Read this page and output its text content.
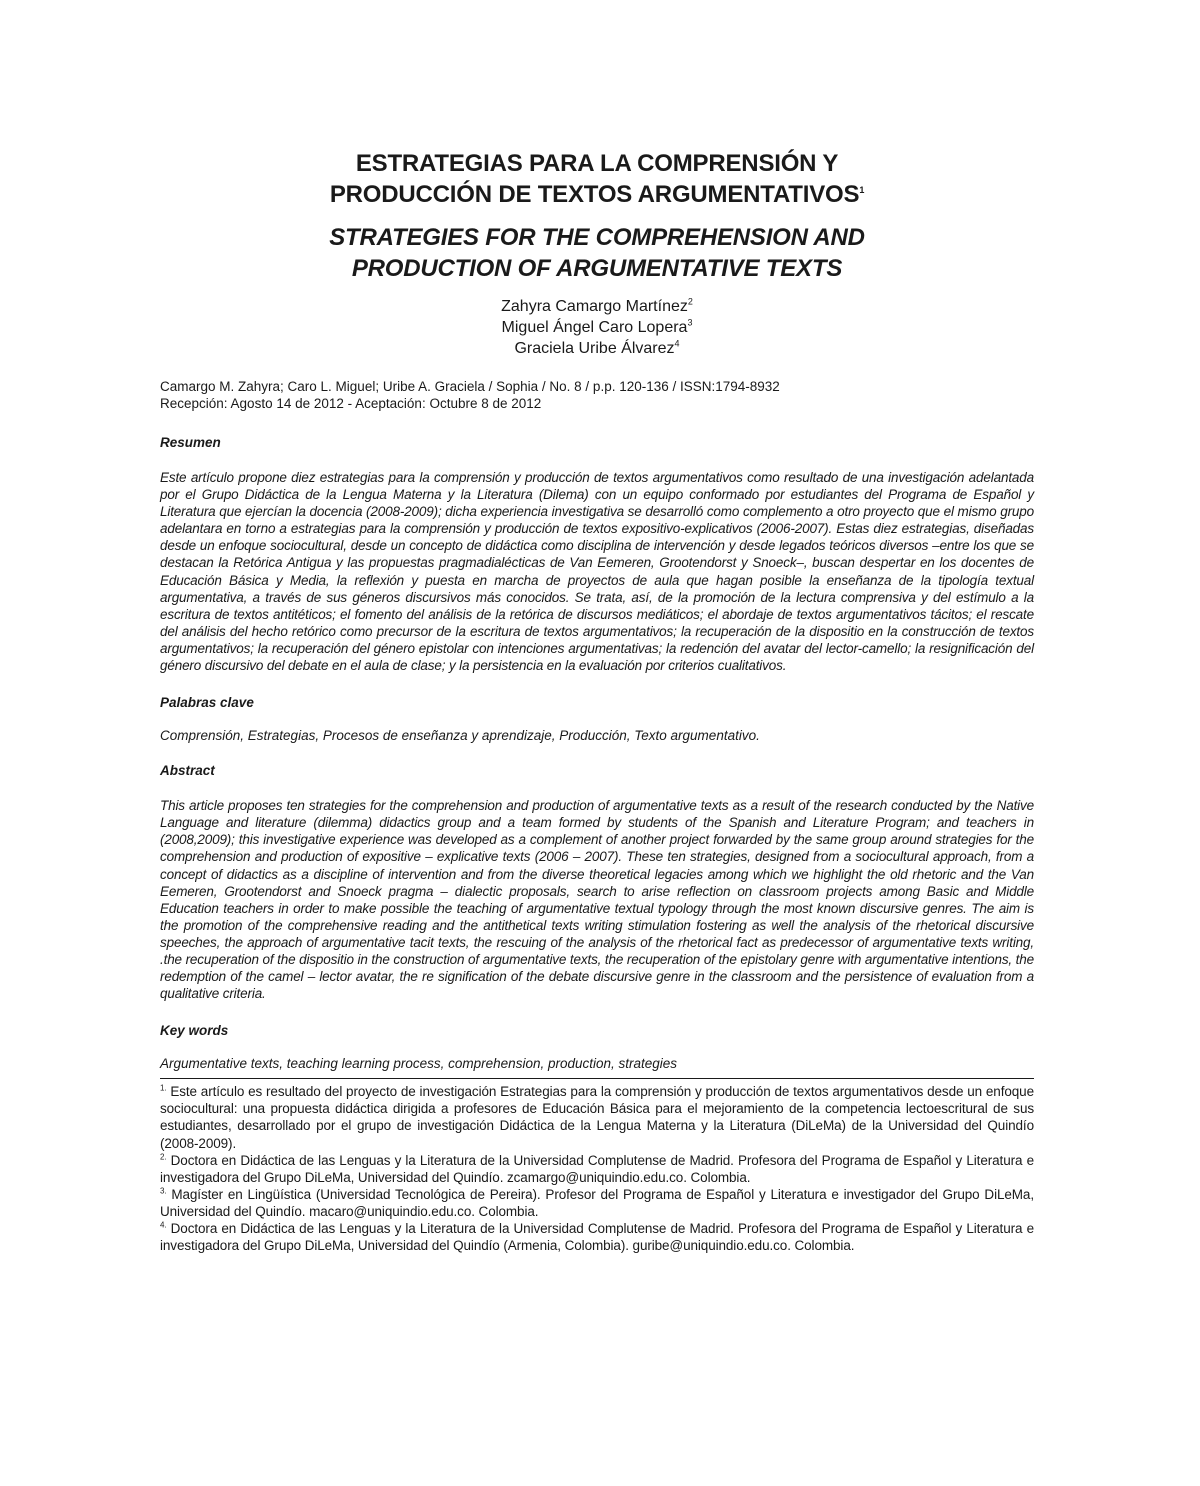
ESTRATEGIAS PARA LA COMPRENSIÓN Y
PRODUCCIÓN DE TEXTOS ARGUMENTATIVOS$^1$
STRATEGIES FOR THE COMPREHENSION AND
PRODUCTION OF ARGUMENTATIVE TEXTS
Zahyra Camargo Martínez$^2$
Miguel Ángel Caro Lopera$^3$
Graciela Uribe Álvarez$^4$
Camargo M. Zahyra; Caro L. Miguel; Uribe A. Graciela / Sophia / No. 8 / p.p. 120-136 / ISSN:1794-8932
Recepción: Agosto 14 de 2012 - Aceptación: Octubre 8 de 2012
Resumen

Este artículo propone diez estrategias para la comprensión y producción de textos argumentativos como resultado de una investigación adelantada por el Grupo Didáctica de la Lengua Materna y la Literatura (Dilema) con un equipo conformado por estudiantes del Programa de Español y Literatura que ejercían la docencia (2008-2009); dicha experiencia investigativa se desarrolló como complemento a otro proyecto que el mismo grupo adelantara en torno a estrategias para la comprensión y producción de textos expositivo-explicativos (2006-2007). Estas diez estrategias, diseñadas desde un enfoque sociocultural, desde un concepto de didáctica como disciplina de intervención y desde legados teóricos diversos –entre los que se destacan la Retórica Antigua y las propuestas pragmadialécticas de Van Eemeren, Grootendorst y Snoeck–, buscan despertar en los docentes de Educación Básica y Media, la reflexión y puesta en marcha de proyectos de aula que hagan posible la enseñanza de la tipología textual argumentativa, a través de sus géneros discursivos más conocidos. Se trata, así, de la promoción de la lectura comprensiva y del estímulo a la escritura de textos antitéticos; el fomento del análisis de la retórica de discursos mediáticos; el abordaje de textos argumentativos tácitos; el rescate del análisis del hecho retórico como precursor de la escritura de textos argumentativos; la recuperación de la dispositio en la construcción de textos argumentativos; la recuperación del género epistolar con intenciones argumentativas; la redención del avatar del lector-camello; la resignificación del género discursivo del debate en el aula de clase; y la persistencia en la evaluación por criterios cualitativos.

Palabras clave
Comprensión, Estrategias, Procesos de enseñanza y aprendizaje, Producción, Texto argumentativo.
Abstract

This article proposes ten strategies for the comprehension and production of argumentative texts as a result of the research conducted by the Native Language and literature (dilemma) didactics group and a team formed by students of the Spanish and Literature Program; and teachers in (2008,2009); this investigative experience was developed as a complement of another project forwarded by the same group around strategies for the comprehension and production of expositive – explicative texts (2006 – 2007). These ten strategies, designed from a sociocultural approach, from a concept of didactics as a discipline of intervention and from the diverse theoretical legacies among which we highlight the old rhetoric and the Van Eemeren, Grootendorst and Snoeck pragma – dialectic proposals, search to arise reflection on classroom projects among Basic and Middle Education teachers in order to make possible the teaching of argumentative textual typology through the most known discursive genres. The aim is the promotion of the comprehensive reading and the antithetical texts writing stimulation fostering as well the analysis of the rhetorical discursive speeches, the approach of argumentative tacit texts, the rescuing of the analysis of the rhetorical fact as predecessor of argumentative texts writing, .the recuperation of the dispositio in the construction of argumentative texts, the recuperation of the epistolary genre with argumentative intentions, the redemption of the camel – lector avatar, the re signification of the debate discursive genre in the classroom and the persistence of evaluation from a qualitative criteria.

Key words
Argumentative texts, teaching learning process, comprehension, production, strategies

$^{1.}$ Este artículo es resultado del proyecto de investigación Estrategias para la comprensión y producción de textos argumentativos desde un enfoque sociocultural: una propuesta didáctica dirigida a profesores de Educación Básica para el mejoramiento de la competencia lectoescritural de sus estudiantes, desarrollado por el grupo de investigación Didáctica de la Lengua Materna y la Literatura (DiLeMa) de la Universidad del Quindío (2008-2009).

$^{2.}$ Doctora en Didáctica de las Lenguas y la Literatura de la Universidad Complutense de Madrid. Profesora del Programa de Español y Literatura e investigadora del Grupo DiLeMa, Universidad del Quindío. zcamargo@uniquindio.edu.co. Colombia.

$^{3.}$ Magíster en Lingüística (Universidad Tecnológica de Pereira). Profesor del Programa de Español y Literatura e investigador del Grupo DiLeMa, Universidad del Quindío. macaro@uniquindio.edu.co. Colombia.

$^{4.}$ Doctora en Didáctica de las Lenguas y la Literatura de la Universidad Complutense de Madrid. Profesora del Programa de Español y Literatura e investigadora del Grupo DiLeMa, Universidad del Quindío (Armenia, Colombia). guribe@uniquindio.edu.co. Colombia.
